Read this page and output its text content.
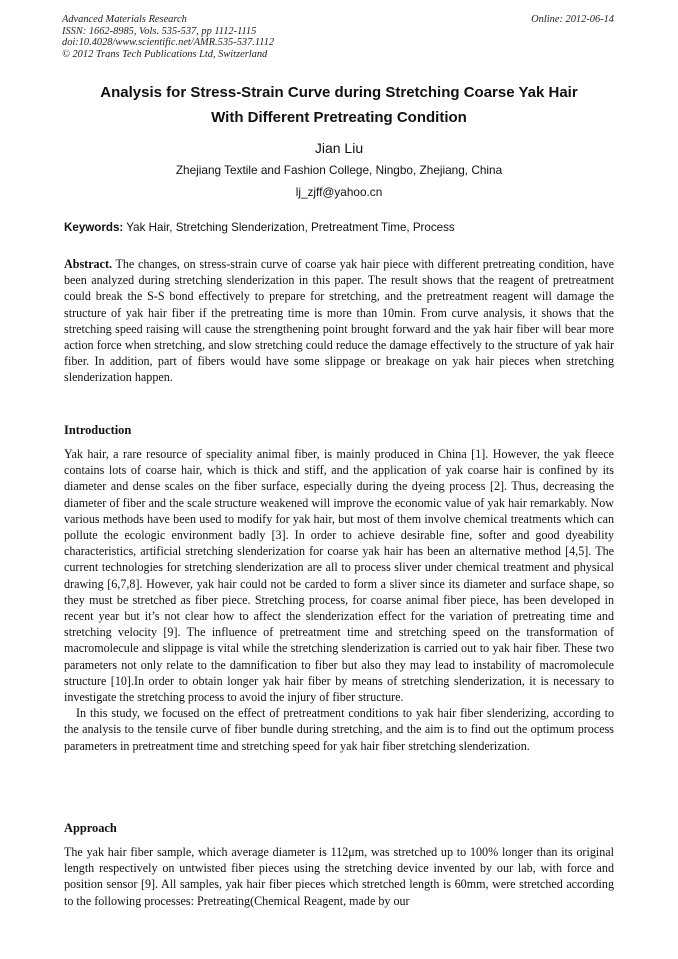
Advanced Materials Research
ISSN: 1662-8985, Vols. 535-537, pp 1112-1115
doi:10.4028/www.scientific.net/AMR.535-537.1112
© 2012 Trans Tech Publications Ltd, Switzerland
Online: 2012-06-14
Analysis for Stress-Strain Curve during Stretching Coarse Yak Hair
With Different Pretreating Condition
Jian Liu
Zhejiang Textile and Fashion College, Ningbo, Zhejiang, China
lj_zjff@yahoo.cn
Keywords: Yak Hair, Stretching Slenderization, Pretreatment Time, Process
Abstract. The changes, on stress-strain curve of coarse yak hair piece with different pretreating condition, have been analyzed during stretching slenderization in this paper. The result shows that the reagent of pretreatment could break the S-S bond effectively to prepare for stretching, and the pretreatment reagent will damage the structure of yak hair fiber if the pretreating time is more than 10min. From curve analysis, it shows that the stretching speed raising will cause the strengthening point brought forward and the yak hair fiber will bear more action force when stretching, and slow stretching could reduce the damage effectively to the structure of yak hair fiber. In addition, part of fibers would have some slippage or breakage on yak hair pieces when stretching slenderization happen.
Introduction

Yak hair, a rare resource of speciality animal fiber, is mainly produced in China [1]. However, the yak fleece contains lots of coarse hair, which is thick and stiff, and the application of yak coarse hair is confined by its diameter and dense scales on the fiber surface, especially during the dyeing process [2]. Thus, decreasing the diameter of fiber and the scale structure weakened will improve the economic value of yak hair remarkably. Now various methods have been used to modify for yak hair, but most of them involve chemical treatments which can pollute the ecologic environment badly [3]. In order to achieve desirable fine, softer and good dyeability characteristics, artificial stretching slenderization for coarse yak hair has been an alternative method [4,5]. The current technologies for stretching slenderization are all to process sliver under chemical treatment and physical drawing [6,7,8]. However, yak hair could not be carded to form a sliver since its diameter and surface shape, so they must be stretched as fiber piece. Stretching process, for coarse animal fiber piece, has been developed in recent year but it’s not clear how to affect the slenderization effect for the variation of pretreating time and stretching velocity [9]. The influence of pretreatment time and stretching speed on the transformation of macromolecule and slippage is vital while the stretching slenderization is carried out to yak hair fiber. These two parameters not only relate to the damnification to fiber but also they may lead to instability of macromolecule structure [10].In order to obtain longer yak hair fiber by means of stretching slenderization, it is necessary to investigate the stretching process to avoid the injury of fiber structure.

In this study, we focused on the effect of pretreatment conditions to yak hair fiber slenderizing, according to the analysis to the tensile curve of fiber bundle during stretching, and the aim is to find out the optimum process parameters in pretreatment time and stretching speed for yak hair fiber stretching slenderization.

Approach

The yak hair fiber sample, which average diameter is 112μm, was stretched up to 100% longer than its original length respectively on untwisted fiber pieces using the stretching device invented by our lab, with force and position sensor [9]. All samples, yak hair fiber pieces which stretched length is 60mm, were stretched according to the following processes: Pretreating(Chemical Reagent, made by our
